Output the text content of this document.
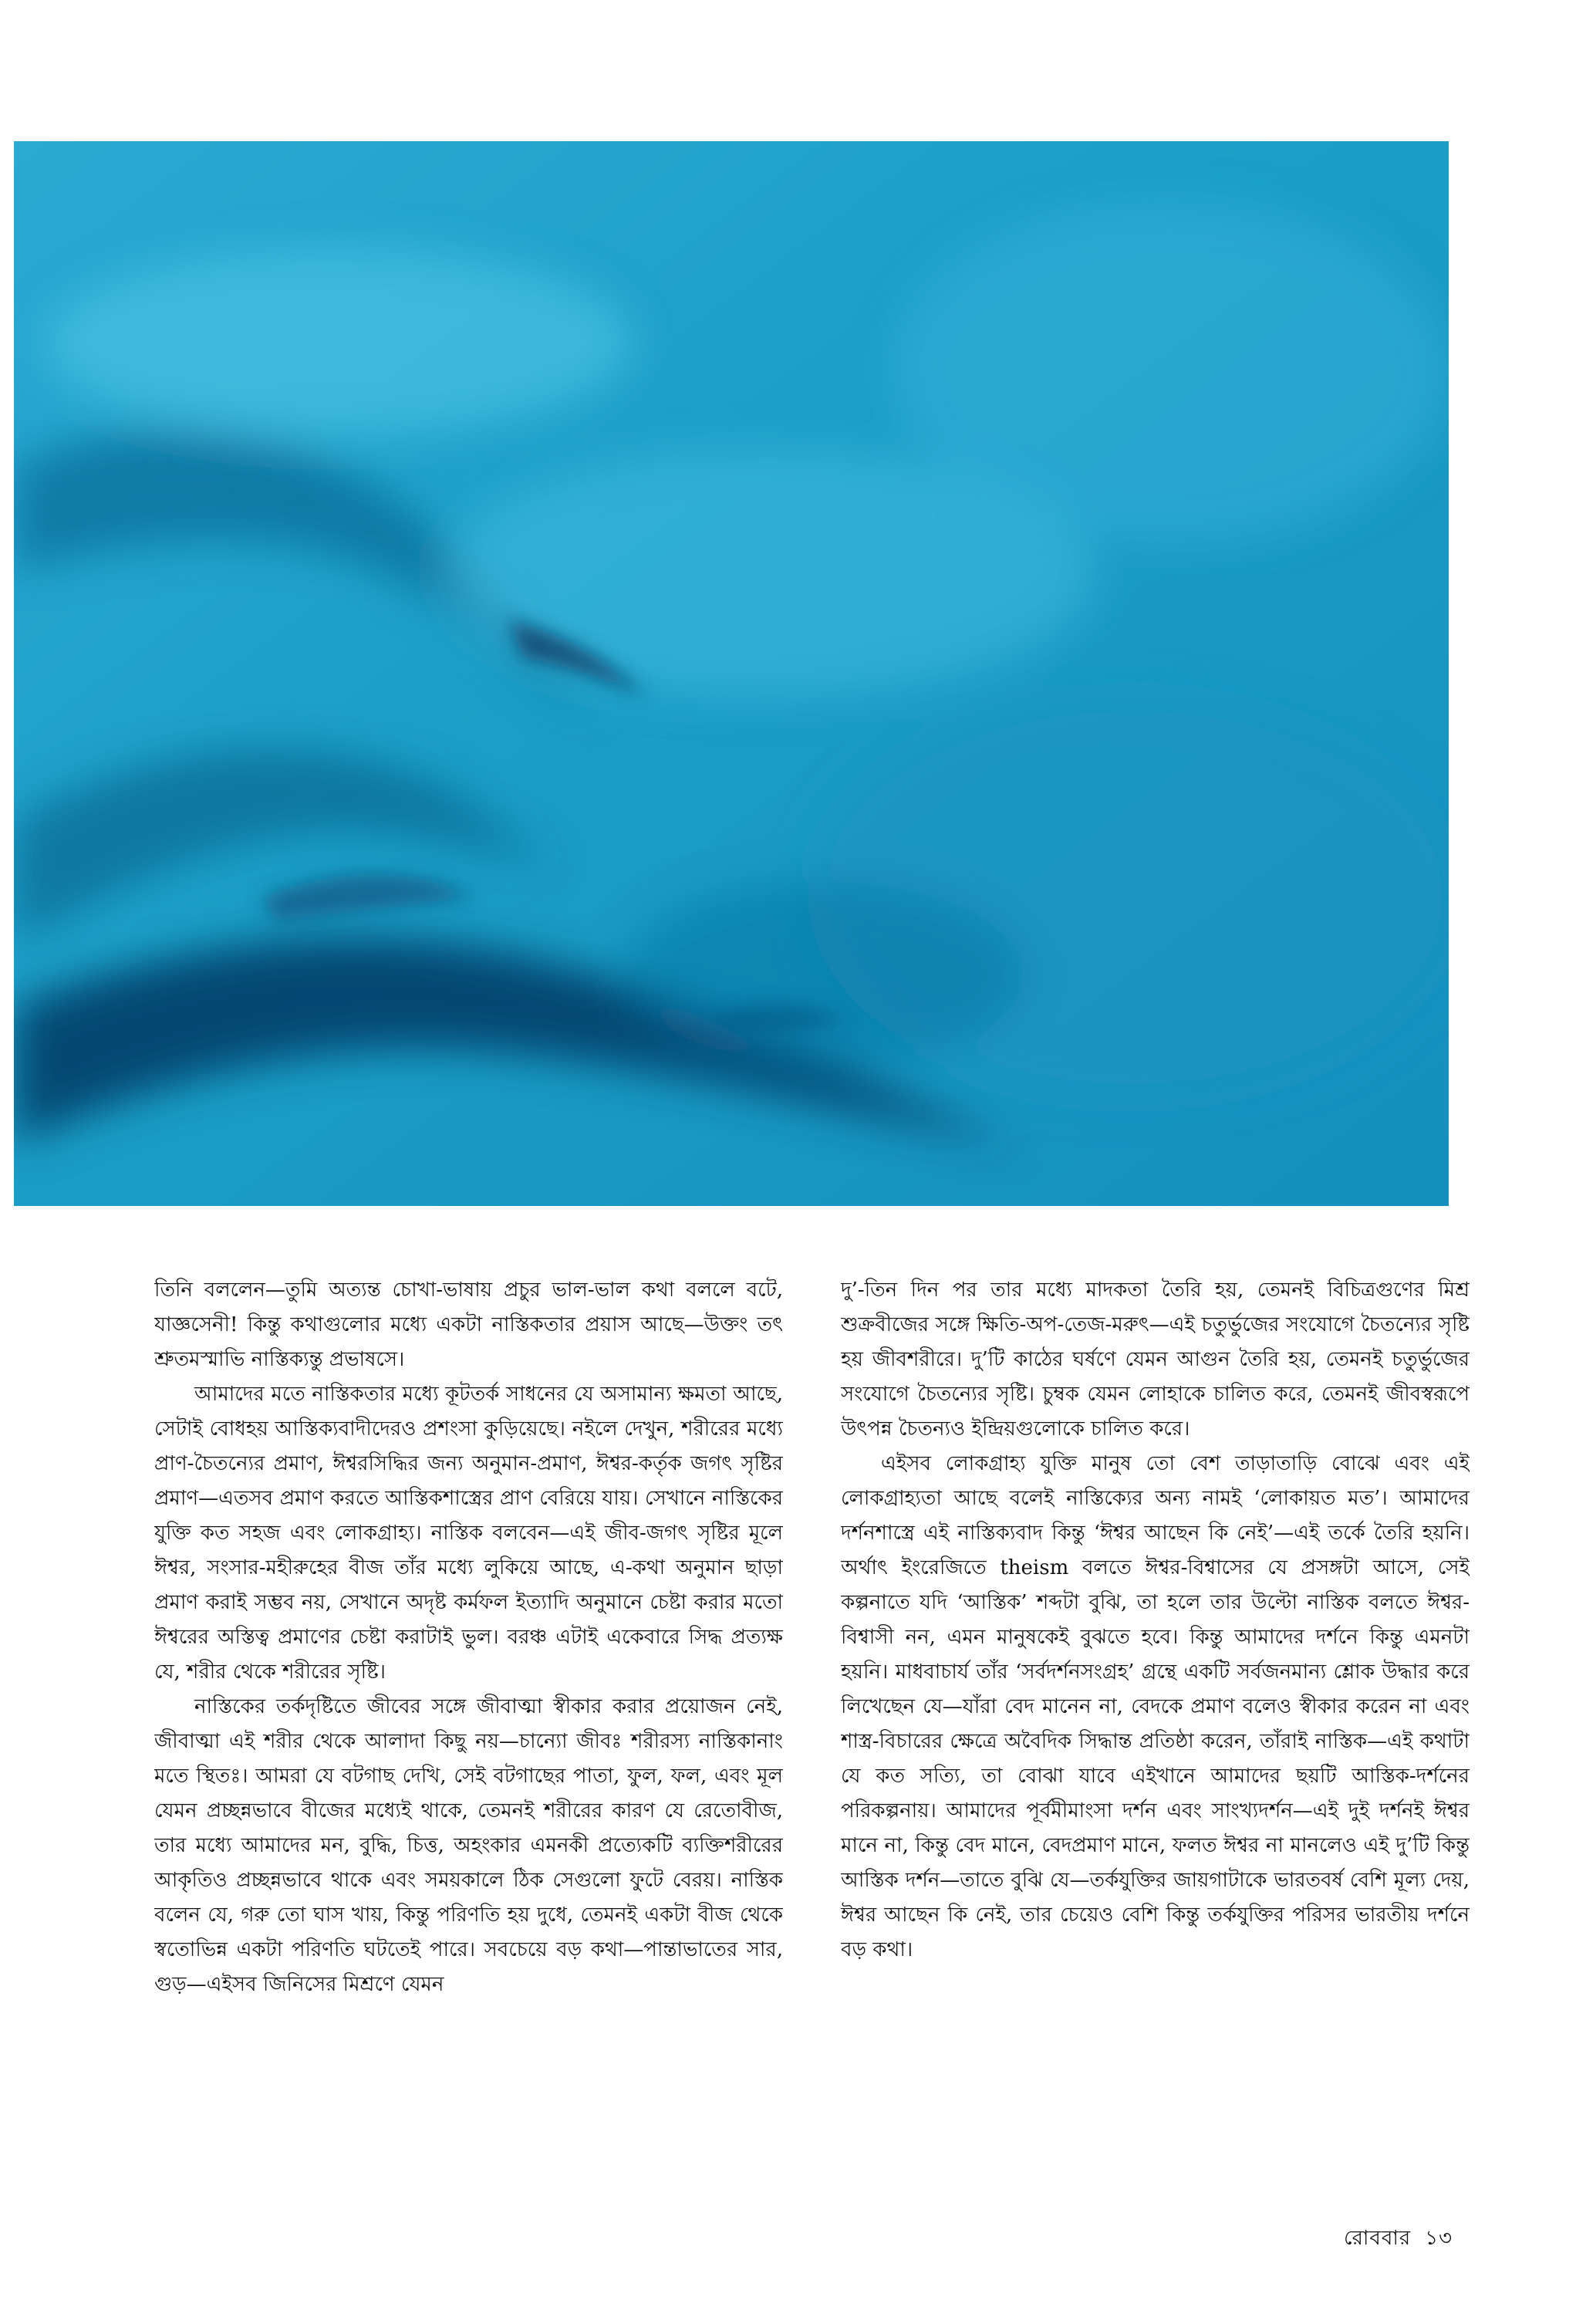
তিনি বললেন—তুমি অত্যন্ত চোখা-ভাষায় প্রচুর ভাল-ভাল কথা বললে বটে, যাজ্ঞসেনী! কিন্তু কথাগুলোর মধ্যে একটা নাস্তিকতার প্রয়াস আছে—উক্তং তৎ শ্রুতমস্মাভি নাস্তিক্যন্তু প্রভাষসে।

আমাদের মতে নাস্তিকতার মধ্যে কূটতর্ক সাধনের যে অসামান্য ক্ষমতা আছে, সেটাই বোধহয় আস্তিক্যবাদীদেরও প্রশংসা কুড়িয়েছে। নইলে দেখুন, শরীরের মধ্যে প্রাণ-চৈতন্যের প্রমাণ, ঈশ্বরসিদ্ধির জন্য অনুমান-প্রমাণ, ঈশ্বর-কর্তৃক জগৎ সৃষ্টির প্রমাণ—এতসব প্রমাণ করতে আস্তিকশাস্ত্রের প্রাণ বেরিয়ে যায়। সেখানে নাস্তিকের যুক্তি কত সহজ এবং লোকগ্রাহ্য। নাস্তিক বলবেন—এই জীব-জগৎ সৃষ্টির মূলে ঈশ্বর, সংসার-মহীরুহের বীজ তাঁর মধ্যে লুকিয়ে আছে, এ-কথা অনুমান ছাড়া প্রমাণ করাই সম্ভব নয়, সেখানে অদৃষ্ট কর্মফল ইত্যাদি অনুমানে চেষ্টা করার মতো ঈশ্বরের অস্তিত্ব প্রমাণের চেষ্টা করাটাই ভুল। বরঞ্চ এটাই একেবারে সিদ্ধ প্রত্যক্ষ যে, শরীর থেকে শরীরের সৃষ্টি।

নাস্তিকের তর্কদৃষ্টিতে জীবের সঙ্গে জীবাত্মা স্বীকার করার প্রয়োজন নেই, জীবাত্মা এই শরীর থেকে আলাদা কিছু নয়—চান্যো জীবঃ শরীরস্য নাস্তিকানাং মতে স্থিতঃ। আমরা যে বটগাছ দেখি, সেই বটগাছের পাতা, ফুল, ফল, এবং মূল যেমন প্রচ্ছন্নভাবে বীজের মধ্যেই থাকে, তেমনই শরীরের কারণ যে রেতোবীজ, তার মধ্যে আমাদের মন, বুদ্ধি, চিত্ত, অহংকার এমনকী প্রত্যেকটি ব্যক্তিশরীরের আকৃতিও প্রচ্ছন্নভাবে থাকে এবং সময়কালে ঠিক সেগুলো ফুটে বেরয়। নাস্তিক বলেন যে, গরু তো ঘাস খায়, কিন্তু পরিণতি হয় দুধে, তেমনই একটা বীজ থেকে স্বতোভিন্ন একটা পরিণতি ঘটতেই পারে। সবচেয়ে বড় কথা—পান্তাভাতের সার, গুড়—এইসব জিনিসের মিশ্রণে যেমন

দু’-তিন দিন পর তার মধ্যে মাদকতা তৈরি হয়, তেমনই বিচিত্রগুণের মিশ্র শুক্রবীজের সঙ্গে ক্ষিতি-অপ-তেজ-মরুৎ—এই চতুর্ভুজের সংযোগে চৈতন্যের সৃষ্টি হয় জীবশরীরে। দু’টি কাঠের ঘর্ষণে যেমন আগুন তৈরি হয়, তেমনই চতুর্ভুজের সংযোগে চৈতন্যের সৃষ্টি। চুম্বক যেমন লোহাকে চালিত করে, তেমনই জীবস্বরূপে উৎপন্ন চৈতন্যও ইন্দ্রিয়গুলোকে চালিত করে।

এইসব লোকগ্রাহ্য যুক্তি মানুষ তো বেশ তাড়াতাড়ি বোঝে এবং এই লোকগ্রাহ্যতা আছে বলেই নাস্তিক্যের অন্য নামই ‘লোকায়ত মত’। আমাদের দর্শনশাস্ত্রে এই নাস্তিক্যবাদ কিন্তু ‘ঈশ্বর আছেন কি নেই’—এই তর্কে তৈরি হয়নি। অর্থাৎ ইংরেজিতে theism বলতে ঈশ্বর-বিশ্বাসের যে প্রসঙ্গটা আসে, সেই কল্পনাতে যদি ‘আস্তিক’ শব্দটা বুঝি, তা হলে তার উল্টো নাস্তিক বলতে ঈশ্বর-বিশ্বাসী নন, এমন মানুষকেই বুঝতে হবে। কিন্তু আমাদের দর্শনে কিন্তু এমনটা হয়নি। মাধবাচার্য তাঁর ‘সর্বদর্শনসংগ্রহ’ গ্রন্থে একটি সর্বজনমান্য শ্লোক উদ্ধার করে লিখেছেন যে—যাঁরা বেদ মানেন না, বেদকে প্রমাণ বলেও স্বীকার করেন না এবং শাস্ত্র-বিচারের ক্ষেত্রে অবৈদিক সিদ্ধান্ত প্রতিষ্ঠা করেন, তাঁরাই নাস্তিক—এই কথাটা যে কত সত্যি, তা বোঝা যাবে এইখানে আমাদের ছয়টি আস্তিক-দর্শনের পরিকল্পনায়। আমাদের পূর্বমীমাংসা দর্শন এবং সাংখ্যদর্শন—এই দুই দর্শনই ঈশ্বর মানে না, কিন্তু বেদ মানে, বেদপ্রমাণ মানে, ফলত ঈশ্বর না মানলেও এই দু’টি কিন্তু আস্তিক দর্শন—তাতে বুঝি যে—তর্কযুক্তির জায়গাটাকে ভারতবর্ষ বেশি মূল্য দেয়, ঈশ্বর আছেন কি নেই, তার চেয়েও বেশি কিন্তু তর্কযুক্তির পরিসর ভারতীয় দর্শনে বড় কথা।

রোববার ১৩
